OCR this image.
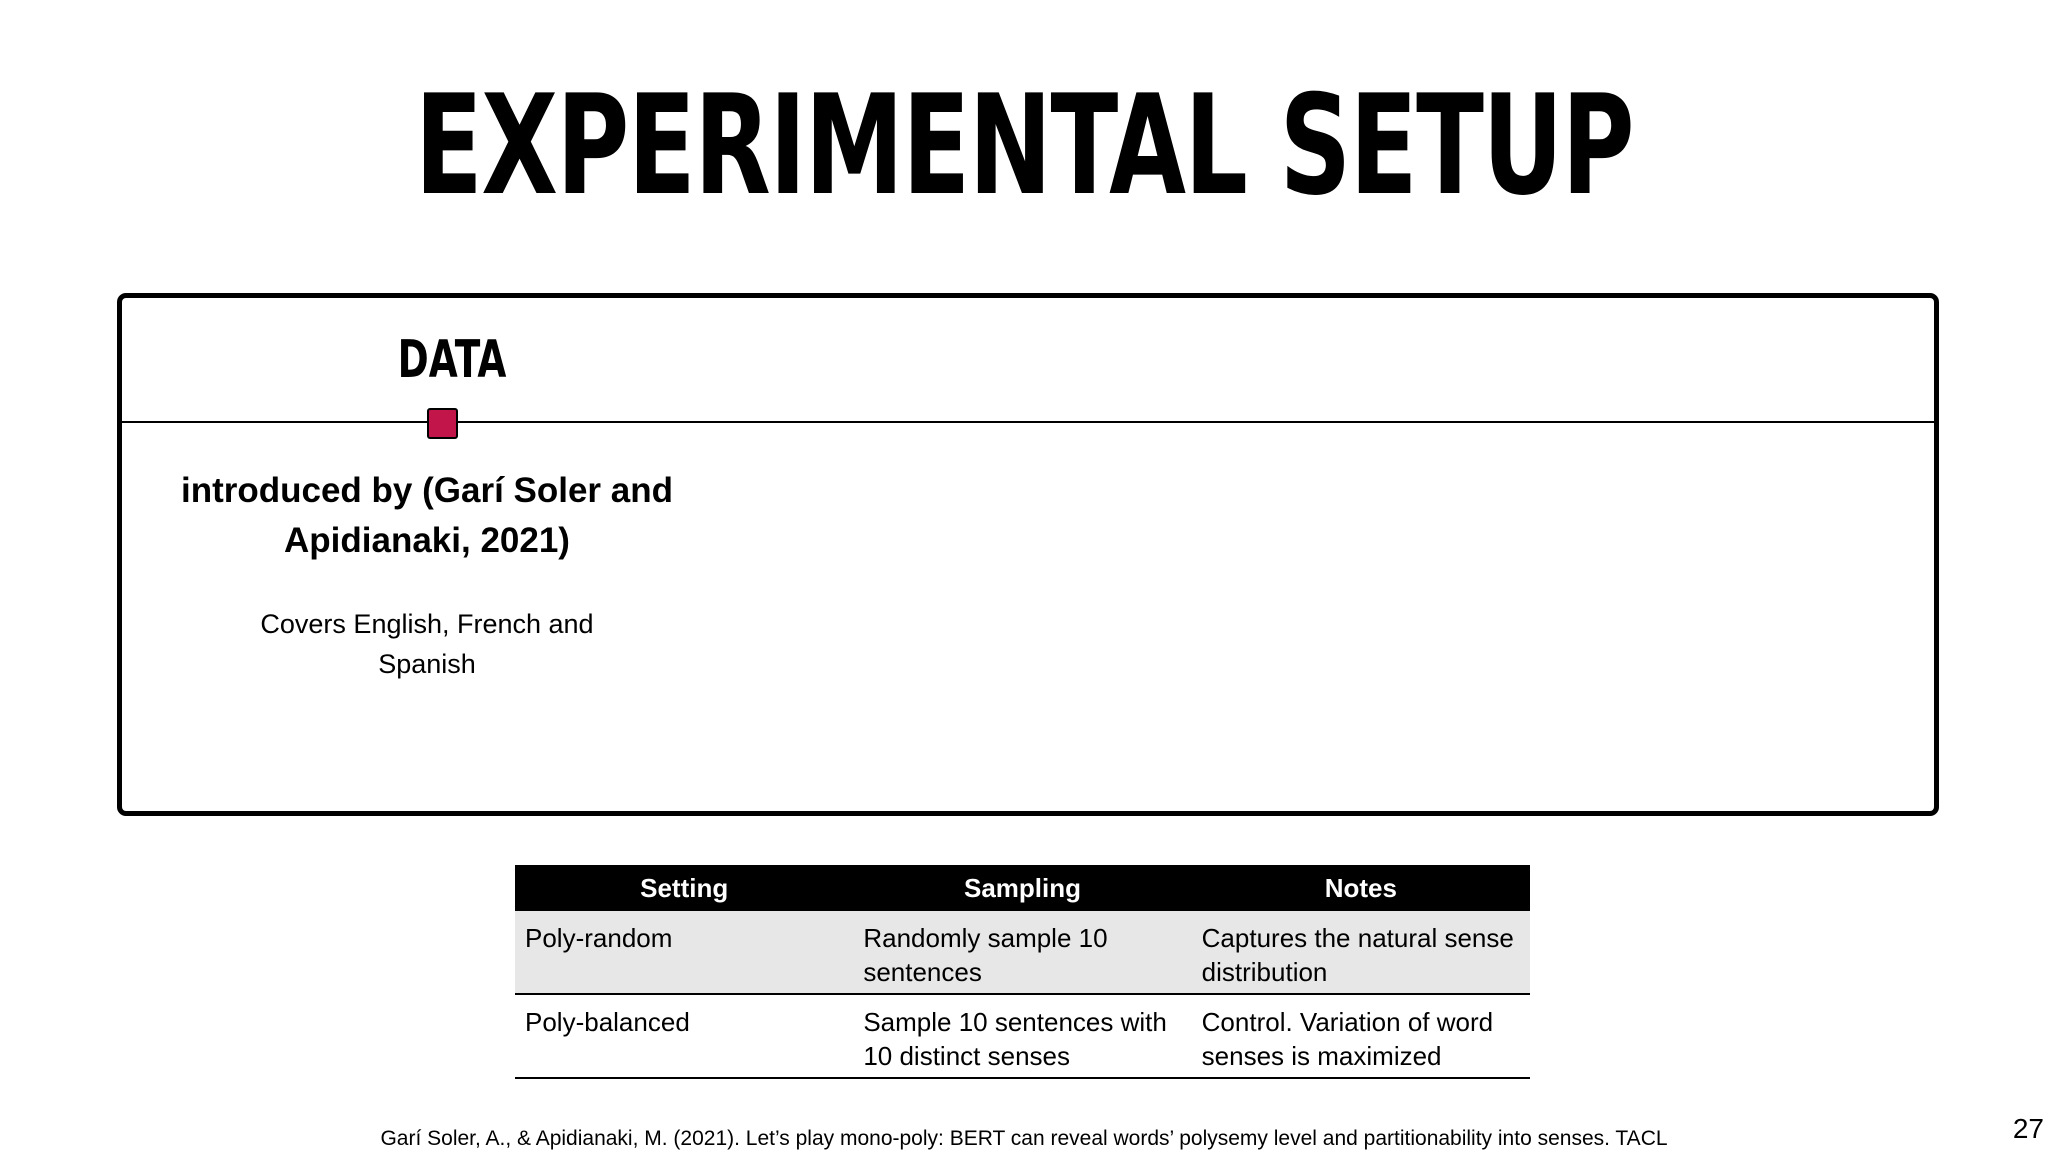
EXPERIMENTAL SETUP
DATA
introduced by (Garí Soler and Apidianaki, 2021)
Covers English, French and Spanish
Setting	Sampling	Notes
Poly-random	Randomly sample 10 sentences	Captures the natural sense distribution
Poly-balanced	Sample 10 sentences with 10 distinct senses	Control. Variation of word senses is maximized
Garí Soler, A., & Apidianaki, M. (2021). Let’s play mono-poly: BERT can reveal words’ polysemy level and partitionability into senses. TACL	27
